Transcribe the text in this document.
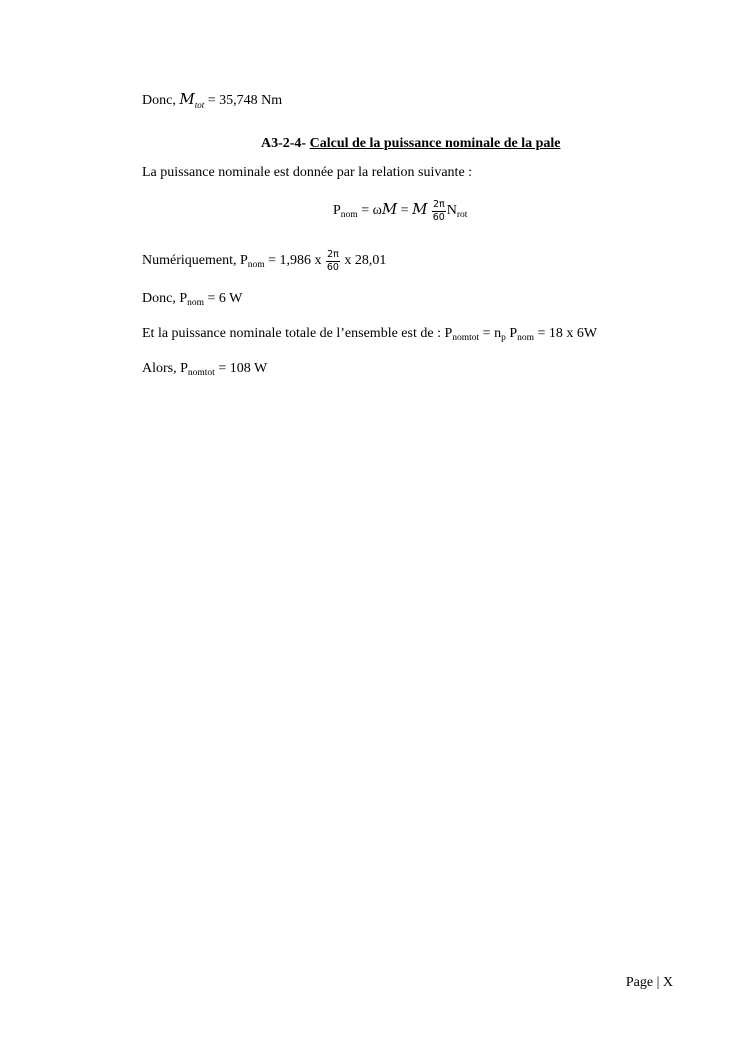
Donc, $M_{tot} = 35,748$ Nm
A3-2-4- Calcul de la puissance nominale de la pale
La puissance nominale est donnée par la relation suivante :
$P_{nom} = \omega M = M \frac{2\pi}{60} N_{rot}$
Numériquement, $P_{nom} = 1,986$ x $\frac{2\pi}{60}$ x 28,01
Donc, $P_{nom} = 6$ W
Et la puissance nominale totale de l’ensemble est de : $P_{nomtot} = n_p$ $P_{nom} = 18$ x 6W
Alors, $P_{nomtot} = 108$ W
Page | X
